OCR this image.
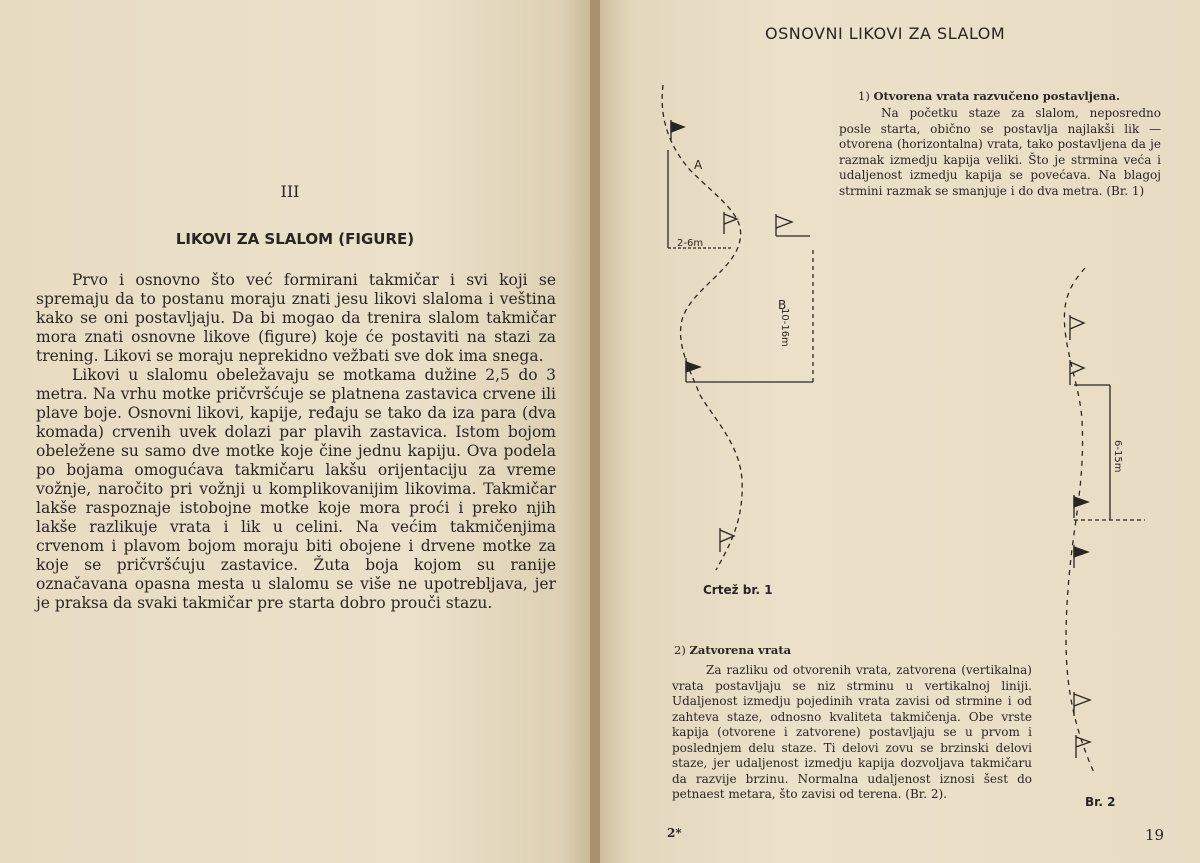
III
LIKOVI ZA SLALOM (FIGURE)

Prvo i osnovno što već formirani takmičar i svi koji se spremaju da to postanu moraju znati jesu likovi slaloma i veština kako se oni postavljaju. Da bi mogao da trenira slalom takmičar mora znati osnovne likove (figure) koje će postaviti na stazi za trening. Likovi se moraju neprekidno vežbati sve dok ima snega.

Likovi u slalomu obeležavaju se motkama dužine 2,5 do 3 metra. Na vrhu motke pričvršćuje se platnena zastavica crvene ili plave boje. Osnovni likovi, kapije, ređaju se tako da iza para (dva komada) crvenih uvek dolazi par plavih zastavica. Istom bojom obeležene su samo dve motke koje čine jednu kapiju. Ova podela po bojama omogućava takmičaru lakšu orijentaciju za vreme vožnje, naročito pri vožnji u komplikovanijim likovima. Takmičar lakše raspoznaje istobojne motke koje mora proći i preko njih lakše razlikuje vrata i lik u celini. Na većim takmičenjima crvenom i plavom bojom moraju biti obojene i drvene motke za koje se pričvršćuju zastavice. Žuta boja kojom su ranije označavana opasna mesta u slalomu se više ne upotrebljava, jer je praksa da svaki takmičar pre starta dobro prouči stazu.

OSNOVNI LIKOVI ZA SLALOM
1) Otvorena vrata razvučeno postavljena.

Na početku staze za slalom, neposredno posle starta, obično se postavlja najlakši lik — otvorena (horizontalna) vrata, tako postavljena da je razmak izmedju kapija veliki. Što je strmina veća i udaljenost izmedju kapija se povećava. Na blagoj strmini razmak se smanjuje i do dva metra. (Br. 1)

A
B
2-6m
10-16m
6-15m
Crtež br. 1
2) Zatvorena vrata

Za razliku od otvorenih vrata, zatvorena (vertikalna) vrata postavljaju se niz strminu u vertikalnoj liniji. Udaljenost izmedju pojedinih vrata zavisi od strmine i od zahteva staze, odnosno kvaliteta takmičenja. Obe vrste kapija (otvorene i zatvorene) postavljaju se u prvom i poslednjem delu staze. Ti delovi zovu se brzinski delovi staze, jer udaljenost izmedju kapija dozvoljava takmičaru da razvije brzinu. Normalna udaljenost iznosi šest do petnaest metara, što zavisi od terena. (Br. 2).

Br. 2
2*	19
